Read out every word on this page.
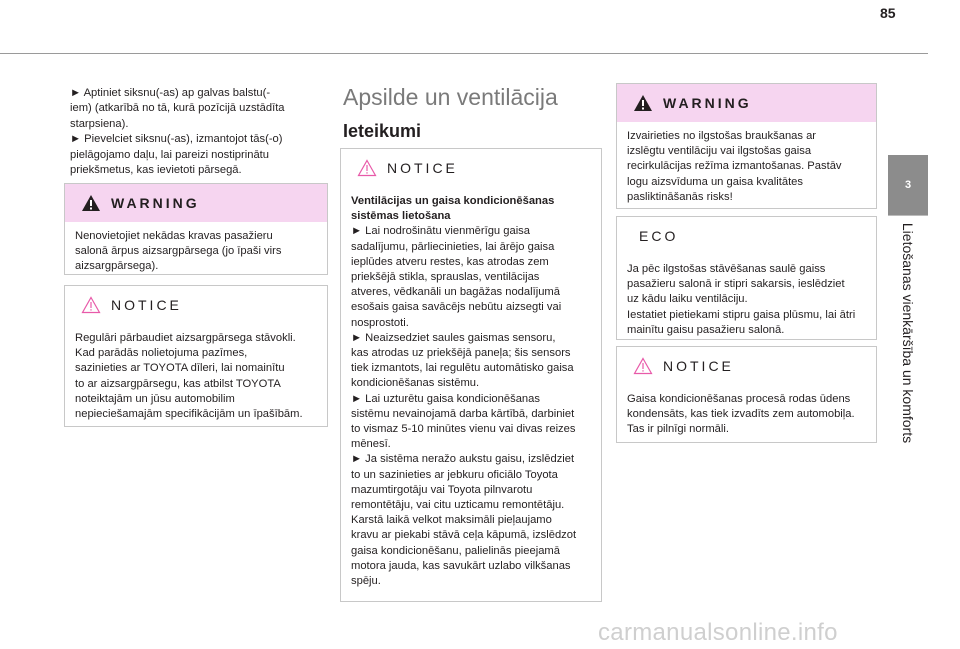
85
3
Lietošanas vienkāršība un komforts

► Aptiniet siksnu(-as) ap galvas balstu(-
iem) (atkarībā no tā, kurā pozīcijā uzstādīta
starpsiena).
► Pievelciet siksnu(-as), izmantojot tās(-o)
pielāgojamo daļu, lai pareizi nostiprinātu
priekšmetus, kas ievietoti pārsegā.

WARNING
Nenovietojiet nekādas kravas pasažieru
salonā ārpus aizsargpārsega (jo īpaši virs
aizsargpārsega).
NOTICE
Regulāri pārbaudiet aizsargpārsega stāvokli.
Kad parādās nolietojuma pazīmes,
sazinieties ar TOYOTA dīleri, lai nomainītu
to ar aizsargpārsegu, kas atbilst TOYOTA
noteiktajām un jūsu automobilim
nepieciešamajām specifikācijām un īpašībām.
Apsilde un ventilācija
Ieteikumi
NOTICE
Ventilācijas un gaisa kondicionēšanas
sistēmas lietošana
► Lai nodrošinātu vienmērīgu gaisa
sadalījumu, pārliecinieties, lai ārējo gaisa
ieplūdes atveru restes, kas atrodas zem
priekšējā stikla, sprauslas, ventilācijas
atveres, vēdkanāli un bagāžas nodalījumā
esošais gaisa savācējs nebūtu aizsegti vai
nosprostoti.
► Neaizsedziet saules gaismas sensoru,
kas atrodas uz priekšējā paneļa; šis sensors
tiek izmantots, lai regulētu automātisko gaisa
kondicionēšanas sistēmu.
► Lai uzturētu gaisa kondicionēšanas
sistēmu nevainojamā darba kārtībā, darbiniet
to vismaz 5-10 minūtes vienu vai divas reizes
mēnesī.
► Ja sistēma neražo aukstu gaisu, izslēdziet
to un sazinieties ar jebkuru oficiālo Toyota
mazumtirgotāju vai Toyota pilnvarotu
remontētāju, vai citu uzticamu remontētāju.
Karstā laikā velkot maksimāli pieļaujamo
kravu ar piekabi stāvā ceļa kāpumā, izslēdzot
gaisa kondicionēšanu, palielinās pieejamā
motora jauda, kas savukārt uzlabo vilkšanas
spēju.
WARNING
Izvairieties no ilgstošas braukšanas ar
izslēgtu ventilāciju vai ilgstošas gaisa
recirkulācijas režīma izmantošanas. Pastāv
logu aizsvīduma un gaisa kvalitātes
pasliktināšanās risks!
ECO
Ja pēc ilgstošas stāvēšanas saulē gaiss
pasažieru salonā ir stipri sakarsis, ieslēdziet
uz kādu laiku ventilāciju.
Iestatiet pietiekami stipru gaisa plūsmu, lai ātri
mainītu gaisu pasažieru salonā.
NOTICE
Gaisa kondicionēšanas procesā rodas ūdens
kondensāts, kas tiek izvadīts zem automobiļa.
Tas ir pilnīgi normāli.
carmanualsonline.info
